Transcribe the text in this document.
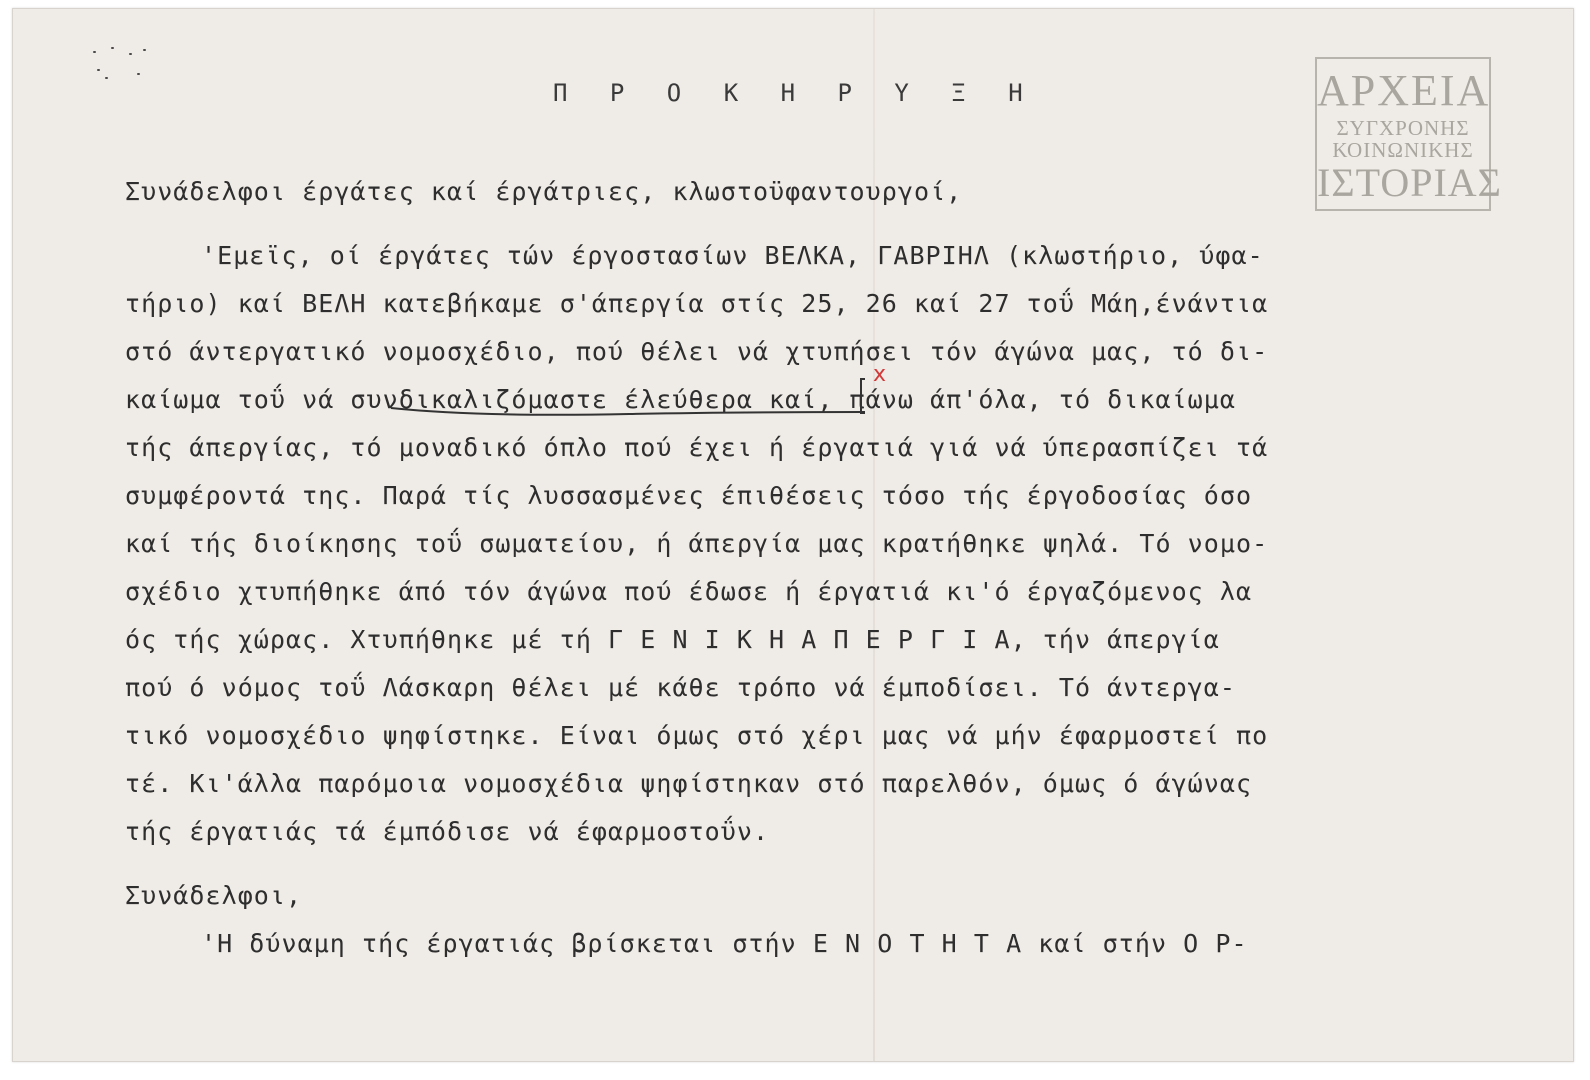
ΑΡΧΕΙΑ
ΣΥΓΧΡΟΝΗΣ
ΚΟΙΝΩΝΙΚΗΣ
ΙΣΤΟΡΙΑΣ
Π Ρ Ο Κ Η Ρ Υ Ξ Η
Συνάδελφοι έργάτες καί έργάτριες, κλωστοϋφαντουργοί,
'Εμεϊς, οί έργάτες τών έργοστασίων ΒΕΛΚΑ, ΓΑΒΡΙΗΛ (κλωστήριο, ύφα-
τήριο) καί ΒΕΛΗ κατεβήκαμε σ'άπεργία στίς 25, 26 καί 27 τοΰ Μάη,ένάντια
στό άντεργατικό νομοσχέδιο, πού θέλει νά χτυπήσει τόν άγώνα μας, τό δι-
καίωμα τοΰ νά συνδικαλιζόμαστε έλεύθερα καί, πάνω άπ'όλα, τό δικαίωμα
τής άπεργίας, τό μοναδικό όπλο πού έχει ή έργατιά γιά νά ύπερασπίζει τά
συμφέροντά της. Παρά τίς λυσσασμένες έπιθέσεις τόσο τής έργοδοσίας όσο
καί τής διοίκησης τοΰ σωματείου, ή άπεργία μας κρατήθηκε ψηλά. Τό νομο-
σχέδιο χτυπήθηκε άπό τόν άγώνα πού έδωσε ή έργατιά κι'ό έργαζόμενος λα
ός τής χώρας. Χτυπήθηκε μέ τή Γ Ε Ν Ι Κ Η Α Π Ε Ρ Γ Ι Α, τήν άπεργία
πού ό νόμος τοΰ Λάσκαρη θέλει μέ κάθε τρόπο νά έμποδίσει. Τό άντεργα-
τικό νομοσχέδιο ψηφίστηκε. Είναι όμως στό χέρι μας νά μήν έφαρμοστεί πο
τέ. Κι'άλλα παρόμοια νομοσχέδια ψηφίστηκαν στό παρελθόν, όμως ό άγώνας
τής έργατιάς τά έμπόδισε νά έφαρμοστοΰν.
Συνάδελφοι,
'Η δύναμη τής έργατιάς βρίσκεται στήν Ε Ν Ο Τ Η Τ Α καί στήν Ο Ρ-
x
